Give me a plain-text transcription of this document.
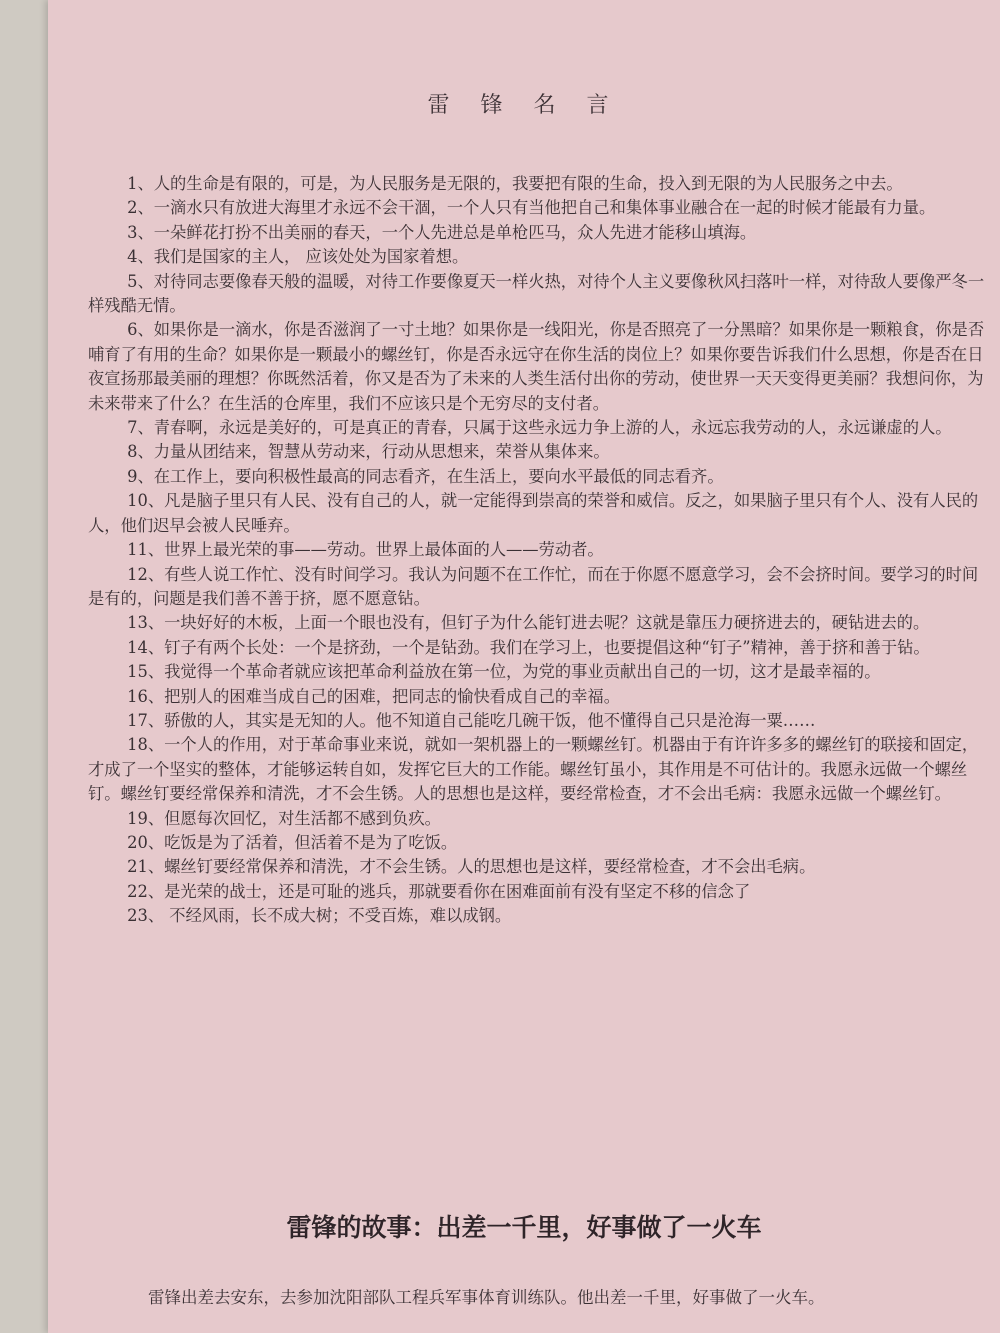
雷 锋 名 言

1、人的生命是有限的，可是，为人民服务是无限的，我要把有限的生命，投入到无限的为人民服务之中去。

2、一滴水只有放进大海里才永远不会干涸，一个人只有当他把自己和集体事业融合在一起的时候才能最有力量。

3、一朵鲜花打扮不出美丽的春天，一个人先进总是单枪匹马，众人先进才能移山填海。

4、我们是国家的主人， 应该处处为国家着想。

5、对待同志要像春天般的温暖，对待工作要像夏天一样火热，对待个人主义要像秋风扫落叶一样，对待敌人要像严冬一样残酷无情。

6、如果你是一滴水，你是否滋润了一寸土地？如果你是一线阳光，你是否照亮了一分黑暗？如果你是一颗粮食，你是否哺育了有用的生命？如果你是一颗最小的螺丝钉，你是否永远守在你生活的岗位上？如果你要告诉我们什么思想，你是否在日夜宣扬那最美丽的理想？你既然活着，你又是否为了未来的人类生活付出你的劳动，使世界一天天变得更美丽？我想问你，为未来带来了什么？在生活的仓库里，我们不应该只是个无穷尽的支付者。

7、青春啊，永远是美好的，可是真正的青春，只属于这些永远力争上游的人，永远忘我劳动的人，永远谦虚的人。

8、力量从团结来，智慧从劳动来，行动从思想来，荣誉从集体来。

9、在工作上，要向积极性最高的同志看齐，在生活上，要向水平最低的同志看齐。

10、凡是脑子里只有人民、没有自己的人，就一定能得到崇高的荣誉和威信。反之，如果脑子里只有个人、没有人民的人，他们迟早会被人民唾弃。

11、世界上最光荣的事——劳动。世界上最体面的人——劳动者。

12、有些人说工作忙、没有时间学习。我认为问题不在工作忙，而在于你愿不愿意学习，会不会挤时间。要学习的时间是有的，问题是我们善不善于挤，愿不愿意钻。

13、一块好好的木板，上面一个眼也没有，但钉子为什么能钉进去呢？这就是靠压力硬挤进去的，硬钻进去的。

14、钉子有两个长处：一个是挤劲，一个是钻劲。我们在学习上，也要提倡这种“钉子”精神，善于挤和善于钻。

15、我觉得一个革命者就应该把革命利益放在第一位，为党的事业贡献出自己的一切，这才是最幸福的。

16、把别人的困难当成自己的困难，把同志的愉快看成自己的幸福。

17、骄傲的人，其实是无知的人。他不知道自己能吃几碗干饭，他不懂得自己只是沧海一粟……

18、一个人的作用，对于革命事业来说，就如一架机器上的一颗螺丝钉。机器由于有许许多多的螺丝钉的联接和固定，才成了一个坚实的整体，才能够运转自如，发挥它巨大的工作能。螺丝钉虽小，其作用是不可估计的。我愿永远做一个螺丝钉。螺丝钉要经常保养和清洗，才不会生锈。人的思想也是这样，要经常检查，才不会出毛病：我愿永远做一个螺丝钉。

19、但愿每次回忆，对生活都不感到负疚。

20、吃饭是为了活着，但活着不是为了吃饭。

21、螺丝钉要经常保养和清洗，才不会生锈。人的思想也是这样，要经常检查，才不会出毛病。

22、是光荣的战士，还是可耻的逃兵，那就要看你在困难面前有没有坚定不移的信念了

23、 不经风雨，长不成大树；不受百炼，难以成钢。

雷锋的故事：出差一千里，好事做了一火车
雷锋出差去安东，去参加沈阳部队工程兵军事体育训练队。他出差一千里，好事做了一火车。
